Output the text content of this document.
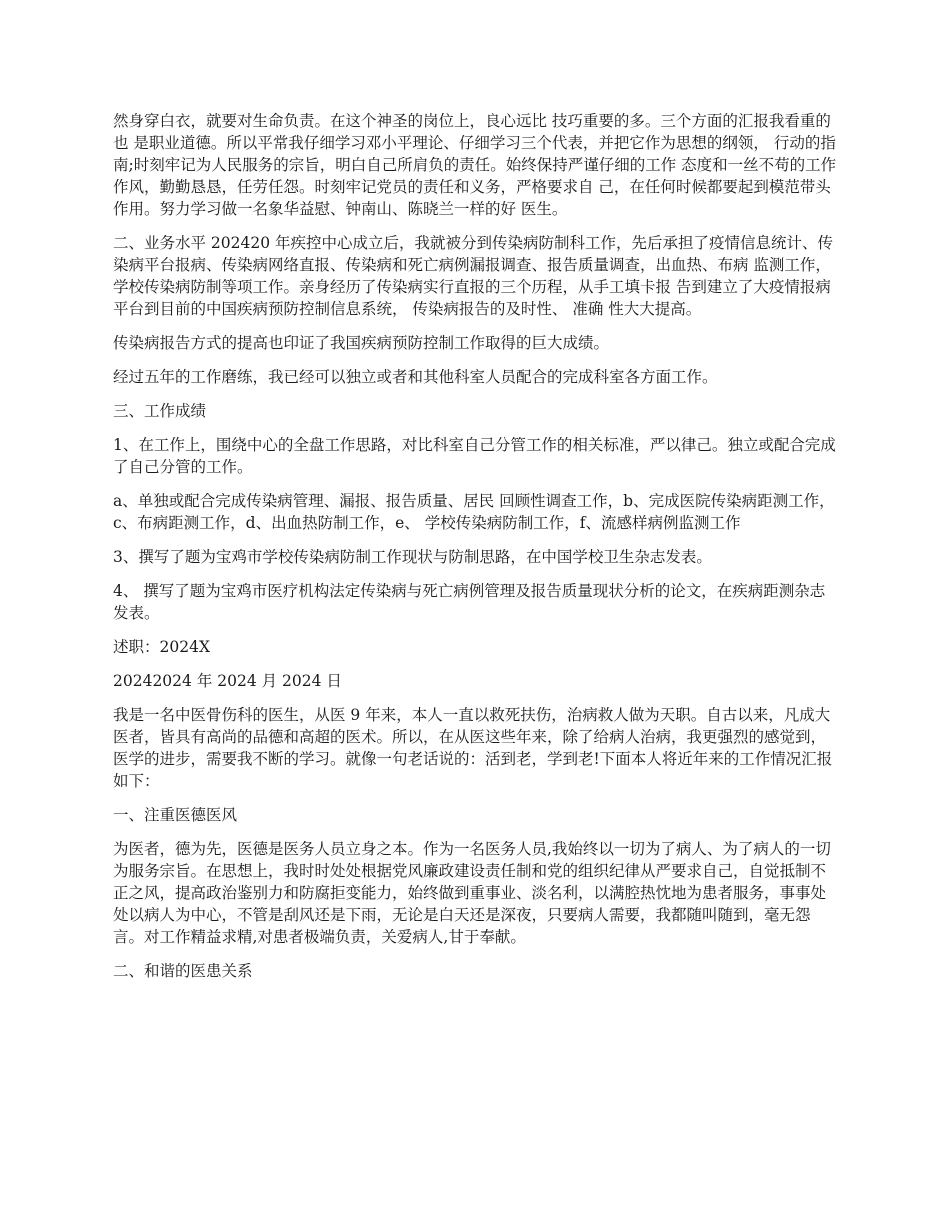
然身穿白衣，就要对生命负责。在这个神圣的岗位上，良心远比 技巧重要的多。三个方面的汇报我看重的也 是职业道德。所以平常我仔细学习邓小平理论、仔细学习三个代表，并把它作为思想的纲领， 行动的指南;时刻牢记为人民服务的宗旨，明白自己所肩负的责任。始终保持严谨仔细的工作 态度和一丝不苟的工作作风，勤勤恳恳，任劳任怨。时刻牢记党员的责任和义务，严格要求自 己，在任何时候都要起到模范带头作用。努力学习做一名象华益慰、钟南山、陈晓兰一样的好 医生。

二、业务水平 202420 年疾控中心成立后，我就被分到传染病防制科工作，先后承担了疫情信息统计、传 染病平台报病、传染病网络直报、传染病和死亡病例漏报调查、报告质量调查，出血热、布病 监测工作，学校传染病防制等项工作。亲身经历了传染病实行直报的三个历程，从手工填卡报 告到建立了大疫情报病平台到目前的中国疾病预防控制信息系统， 传染病报告的及时性、 准确 性大大提高。

传染病报告方式的提高也印证了我国疾病预防控制工作取得的巨大成绩。

经过五年的工作磨练，我已经可以独立或者和其他科室人员配合的完成科室各方面工作。

三、工作成绩

1、在工作上，围绕中心的全盘工作思路，对比科室自己分管工作的相关标准，严以律己。独立或配合完成了自己分管的工作。

a、单独或配合完成传染病管理、漏报、报告质量、居民 回顾性调查工作，b、完成医院传染病距测工作，c、布病距测工作，d、出血热防制工作，e、 学校传染病防制工作，f、流感样病例监测工作

3、撰写了题为宝鸡市学校传染病防制工作现状与防制思路，在中国学校卫生杂志发表。

4、 撰写了题为宝鸡市医疗机构法定传染病与死亡病例管理及报告质量现状分析的论文，在疾病距测杂志发表。

述职：2024X

20242024 年 2024 月 2024 日

我是一名中医骨伤科的医生，从医 9 年来，本人一直以救死扶伤，治病救人做为天职。自古以来，凡成大医者，皆具有高尚的品德和高超的医术。所以，在从医这些年来，除了给病人治病，我更强烈的感觉到，医学的进步，需要我不断的学习。就像一句老话说的：活到老，学到老!下面本人将近年来的工作情况汇报如下：

一、注重医德医风

为医者，德为先，医德是医务人员立身之本。作为一名医务人员,我始终以一切为了病人、为了病人的一切为服务宗旨。在思想上，我时时处处根据党风廉政建设责任制和党的组织纪律从严要求自己，自觉抵制不正之风，提高政治鉴别力和防腐拒变能力，始终做到重事业、淡名利，以满腔热忱地为患者服务，事事处处以病人为中心，不管是刮风还是下雨，无论是白天还是深夜，只要病人需要，我都随叫随到，毫无怨言。对工作精益求精,对患者极端负责，关爱病人,甘于奉献。

二、和谐的医患关系
